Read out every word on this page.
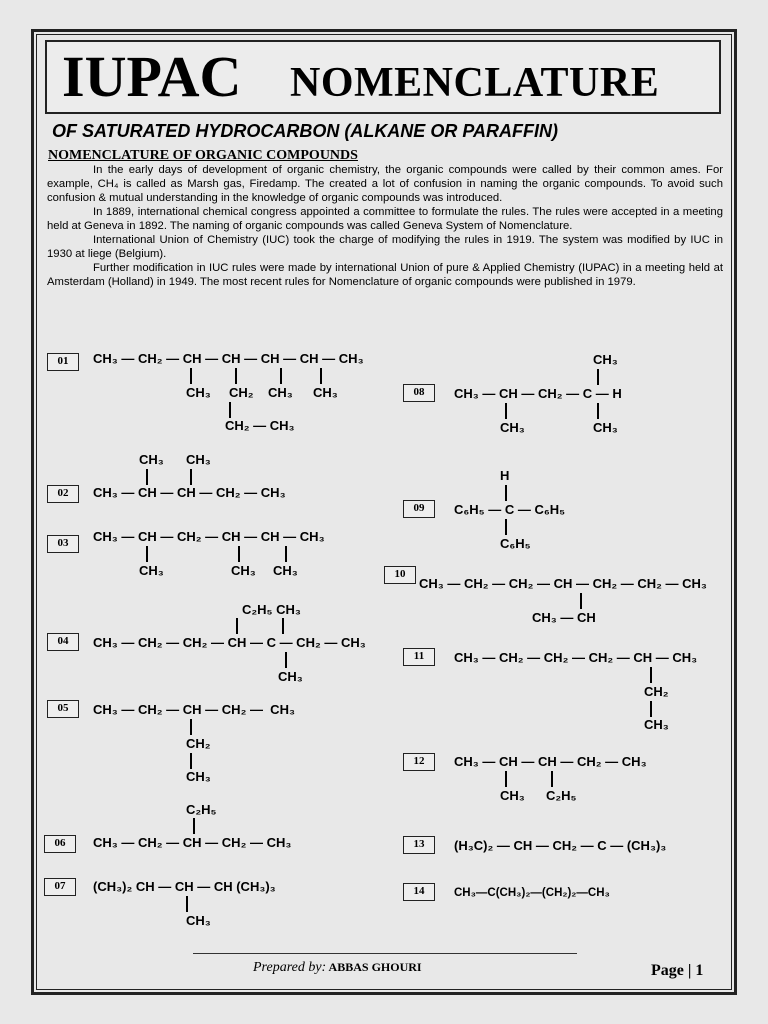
IUPAC NOMENCLATURE
OF SATURATED HYDROCARBON (ALKANE OR PARAFFIN)
NOMENCLATURE OF ORGANIC COMPOUNDS

In the early days of development of organic chemistry, the organic compounds were called by their common ames. For example, CH₄ is called as Marsh gas, Firedamp. The created a lot of confusion in naming the organic compounds. To avoid such confusion & mutual understanding in the knowledge of organic compounds was introduced.

In 1889, international chemical congress appointed a committee to formulate the rules. The rules were accepted in a meeting held at Geneva in 1892. The naming of organic compounds was called Geneva System of Nomenclature.

International Union of Chemistry (IUC) took the charge of modifying the rules in 1919. The system was modified by IUC in 1930 at liege (Belgium).

Further modification in IUC rules were made by international Union of pure & Applied Chemistry (IUPAC) in a meeting held at Amsterdam (Holland) in 1949. The most recent rules for Nomenclature of organic compounds were published in 1979.

01	CH₃ — CH₂ — CH — CH — CH — CH — CH₃
CH₃ CH₂ CH₃ CH₃
CH₂ — CH₃
CH₃ CH₃
02	CH₃ — CH — CH — CH₂ — CH₃
03	CH₃ — CH — CH₂ — CH — CH — CH₃
CH₃	CH₃ CH₃
C₂H₅ CH₃
04	CH₃ — CH₂ — CH₂ — CH — C — CH₂ — CH₃
CH₃
05	CH₃ — CH₂ — CH — CH₂ —  CH₃
CH₂
CH₃
C₂H₅
06	CH₃ — CH₂ — CH — CH₂ — CH₃
07	(CH₃)₂ CH — CH — CH (CH₃)₃
CH₃
CH₃
08	CH₃ — CH — CH₂ — C — H
CH₃	CH₃
H
09	C₆H₅ — C — C₆H₅
C₆H₅
10
CH₃ — CH₂ — CH₂ — CH — CH₂ — CH₂ — CH₃
CH₃ — CH
11	CH₃ — CH₂ — CH₂ — CH₂ — CH — CH₃
CH₂
CH₃
12	CH₃ — CH — CH — CH₂ — CH₃
CH₃ C₂H₅
13	(H₃C)₂ — CH — CH₂ — C — (CH₃)₃
14	CH₃—C(CH₃)₂—(CH₂)₂—CH₃
Prepared by: ABBAS GHOURI	Page | 1
